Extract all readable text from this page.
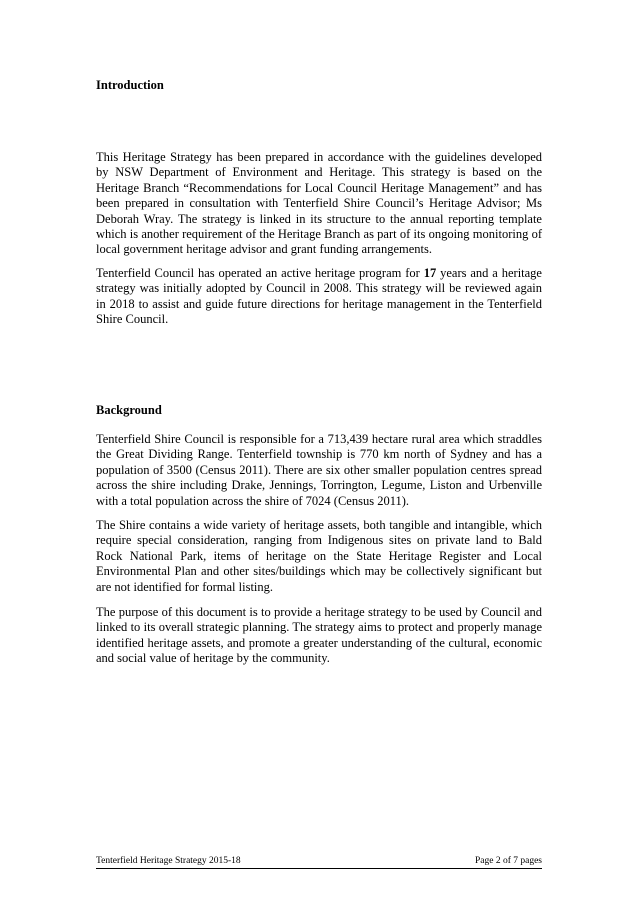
Introduction

This Heritage Strategy has been prepared in accordance with the guidelines developed by NSW Department of Environment and Heritage. This strategy is based on the Heritage Branch “Recommendations for Local Council Heritage Management” and has been prepared in consultation with Tenterfield Shire Council’s Heritage Advisor; Ms Deborah Wray. The strategy is linked in its structure to the annual reporting template which is another requirement of the Heritage Branch as part of its ongoing monitoring of local government heritage advisor and grant funding arrangements.

Tenterfield Council has operated an active heritage program for 17 years and a heritage strategy was initially adopted by Council in 2008. This strategy will be reviewed again in 2018 to assist and guide future directions for heritage management in the Tenterfield Shire Council.

Background

Tenterfield Shire Council is responsible for a 713,439 hectare rural area which straddles the Great Dividing Range. Tenterfield township is 770 km north of Sydney and has a population of 3500 (Census 2011). There are six other smaller population centres spread across the shire including Drake, Jennings, Torrington, Legume, Liston and Urbenville with a total population across the shire of 7024 (Census 2011).

The Shire contains a wide variety of heritage assets, both tangible and intangible, which require special consideration, ranging from Indigenous sites on private land to Bald Rock National Park, items of heritage on the State Heritage Register and Local Environmental Plan and other sites/buildings which may be collectively significant but are not identified for formal listing.

The purpose of this document is to provide a heritage strategy to be used by Council and linked to its overall strategic planning. The strategy aims to protect and properly manage identified heritage assets, and promote a greater understanding of the cultural, economic and social value of heritage by the community.

Tenterfield Heritage Strategy 2015-18	Page 2 of 7 pages
